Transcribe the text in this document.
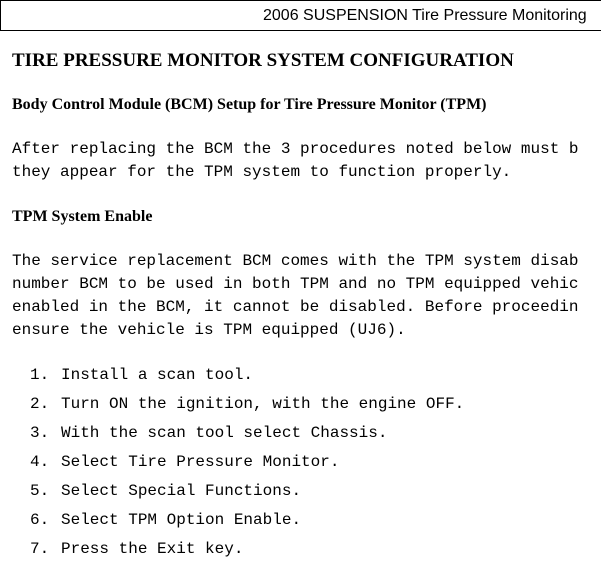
2006 SUSPENSION Tire Pressure Monitoring
TIRE PRESSURE MONITOR SYSTEM CONFIGURATION
Body Control Module (BCM) Setup for Tire Pressure Monitor (TPM)
After replacing the BCM the 3 procedures noted below must b
they appear for the TPM system to function properly.
TPM System Enable
The service replacement BCM comes with the TPM system disab
number BCM to be used in both TPM and no TPM equipped vehic
enabled in the BCM, it cannot be disabled. Before proceedin
ensure the vehicle is TPM equipped (UJ6).
1. Install a scan tool.
2. Turn ON the ignition, with the engine OFF.
3. With the scan tool select Chassis.
4. Select Tire Pressure Monitor.
5. Select Special Functions.
6. Select TPM Option Enable.
7. Press the Exit key.
